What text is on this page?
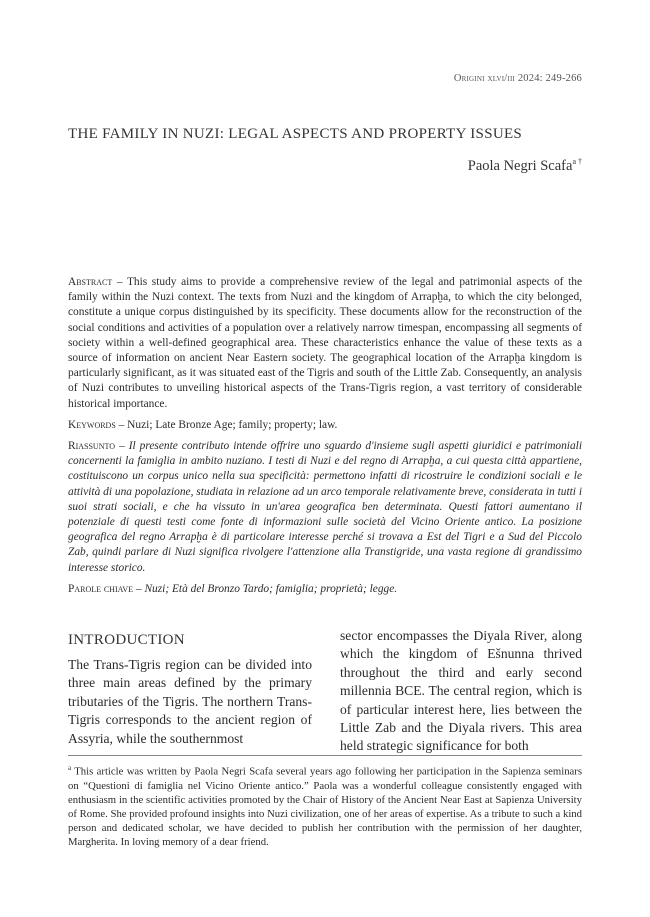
Origini xlvi/iii 2024: 249-266
THE FAMILY IN NUZI: LEGAL ASPECTS AND PROPERTY ISSUES
Paola Negri Scafa$^{a \dagger}$

Abstract – This study aims to provide a comprehensive review of the legal and patrimonial aspects of the family within the Nuzi context. The texts from Nuzi and the kingdom of Arrapḫa, to which the city belonged, constitute a unique corpus distinguished by its specificity. These documents allow for the reconstruction of the social conditions and activities of a population over a relatively narrow timespan, encompassing all segments of society within a well-defined geographical area. These characteristics enhance the value of these texts as a source of information on ancient Near Eastern society. The geographical location of the Arrapḫa kingdom is particularly significant, as it was situated east of the Tigris and south of the Little Zab. Consequently, an analysis of Nuzi contributes to unveiling historical aspects of the Trans-Tigris region, a vast territory of considerable historical importance.

Keywords – Nuzi; Late Bronze Age; family; property; law.

Riassunto – Il presente contributo intende offrire uno sguardo d'insieme sugli aspetti giuridici e patrimoniali concernenti la famiglia in ambito nuziano. I testi di Nuzi e del regno di Arrapḫa, a cui questa città appartiene, costituiscono un corpus unico nella sua specificità: permettono infatti di ricostruire le condizioni sociali e le attività di una popolazione, studiata in relazione ad un arco temporale relativamente breve, considerata in tutti i suoi strati sociali, e che ha vissuto in un'area geografica ben determinata. Questi fattori aumentano il potenziale di questi testi come fonte di informazioni sulle società del Vicino Oriente antico. La posizione geografica del regno Arrapḫa è di particolare interesse perché si trovava a Est del Tigri e a Sud del Piccolo Zab, quindi parlare di Nuzi significa rivolgere l'attenzione alla Transtigride, una vasta regione di grandissimo interesse storico.

Parole chiave – Nuzi; Età del Bronzo Tardo; famiglia; proprietà; legge.

INTRODUCTION
The Trans-Tigris region can be divided into three main areas defined by the primary tributaries of the Tigris. The northern Trans-Tigris corresponds to the ancient region of Assyria, while the southernmost
sector encompasses the Diyala River, along which the kingdom of Ešnunna thrived throughout the third and early second millennia BCE. The central region, which is of particular interest here, lies between the Little Zab and the Diyala rivers. This area held strategic significance for both
$^a$ This article was written by Paola Negri Scafa several years ago following her participation in the Sapienza seminars on “Questioni di famiglia nel Vicino Oriente antico.” Paola was a wonderful colleague consistently engaged with enthusiasm in the scientific activities promoted by the Chair of History of the Ancient Near East at Sapienza University of Rome. She provided profound insights into Nuzi civilization, one of her areas of expertise. As a tribute to such a kind person and dedicated scholar, we have decided to publish her contribution with the permission of her daughter, Margherita. In loving memory of a dear friend.
